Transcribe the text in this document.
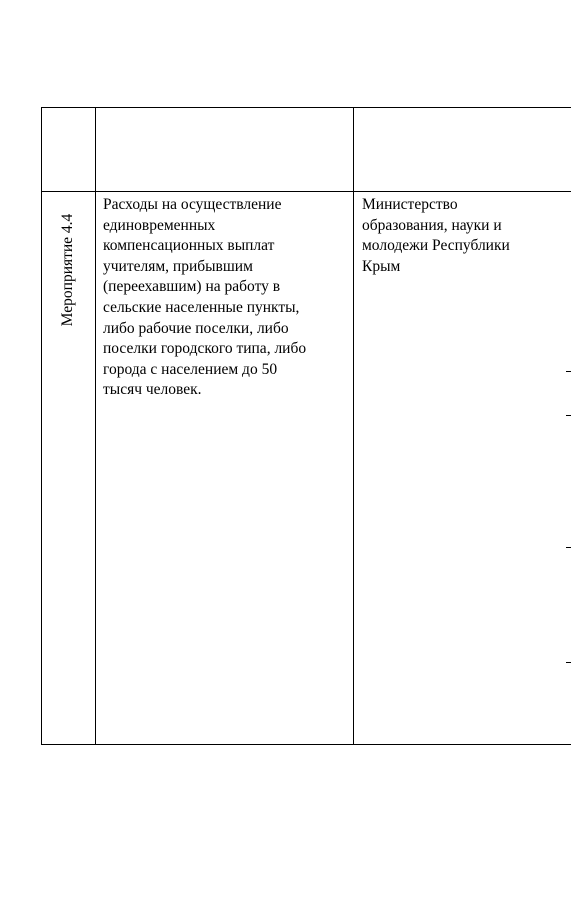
Мероприятие 4.4
Расходы на осуществление
единовременных
компенсационных выплат
учителям, прибывшим
(переехавшим) на работу в
сельские населенные пункты,
либо рабочие поселки, либо
поселки городского типа, либо
города с населением до 50
тысяч человек.
Министерство
образования, науки и
молодежи Республики
Крым
